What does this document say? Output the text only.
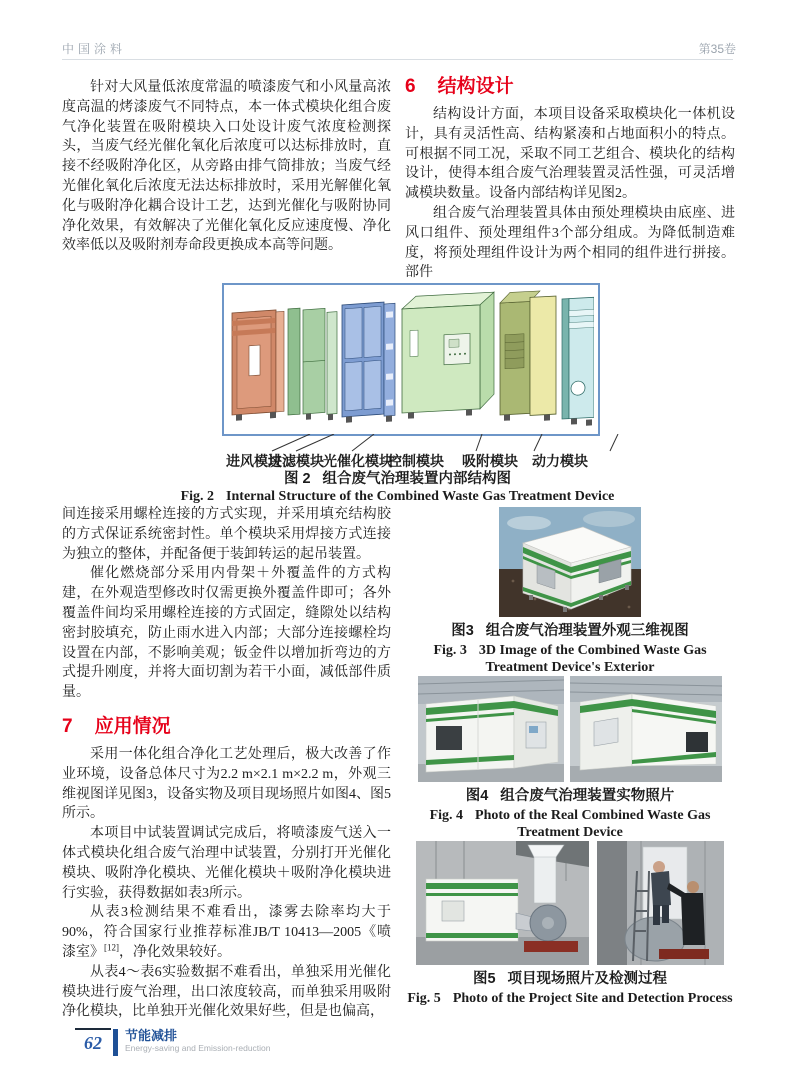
中国涂料	第35卷

针对大风量低浓度常温的喷漆废气和小风量高浓度高温的烤漆废气不同特点，本一体式模块化组合废气净化装置在吸附模块入口处设计废气浓度检测探头，当废气经光催化氧化后浓度可以达标排放时，直接不经吸附净化区，从旁路由排气筒排放；当废气经光催化氧化后浓度无法达标排放时，采用光解催化氧化与吸附净化耦合设计工艺，达到光催化与吸附协同净化效果，有效解决了光催化氧化反应速度慢、净化效率低以及吸附剂寿命段更换成本高等问题。

进风模块
过滤模块 光催化模块
控制模块 吸附模块 动力模块
图 2 组合废气治理装置内部结构图
Fig. 2 Internal Structure of the Combined Waste Gas Treatment Device

间连接采用螺栓连接的方式实现，并采用填充结构胶的方式保证系统密封性。单个模块采用焊接方式连接为独立的整体，并配备便于装卸转运的起吊装置。

催化燃烧部分采用内骨架＋外覆盖件的方式构建，在外观造型修改时仅需更换外覆盖件即可；各外覆盖件间均采用螺栓连接的方式固定，缝隙处以结构密封胶填充，防止雨水进入内部；大部分连接螺栓均设置在内部，不影响美观；钣金件以增加折弯边的方式提升刚度，并将大面切割为若干小面，减低部件质量。

7 应用情况

采用一体化组合净化工艺处理后，极大改善了作业环境，设备总体尺寸为2.2 m×2.1 m×2.2 m，外观三维视图详见图3，设备实物及项目现场照片如图4、图5所示。

本项目中试装置调试完成后，将喷漆废气送入一体式模块化组合废气治理中试装置，分别打开光催化模块、吸附净化模块、光催化模块＋吸附净化模块进行实验，获得数据如表3所示。

从表3检测结果不难看出，漆雾去除率均大于90%，符合国家行业推荐标准JB/T 10413—2005《喷漆室》[12]，净化效果较好。

从表4～表6实验数据不难看出，单独采用光催化模块进行废气治理，出口浓度较高，而单独采用吸附净化模块，比单独开光催化效果好些，但是也偏高，

6 结构设计

结构设计方面，本项目设备采取模块化一体机设计，具有灵活性高、结构紧凑和占地面积小的特点。可根据不同工况，采取不同工艺组合、模块化的结构设计，使得本组合废气治理装置灵活性强，可灵活增减模块数量。设备内部结构详见图2。

组合废气治理装置具体由预处理模块由底座、进风口组件、预处理组件3个部分组成。为降低制造难度，将预处理组件设计为两个相同的组件进行拼接。部件

图3 组合废气治理装置外观三维视图
Fig. 3 3D Image of the Combined Waste Gas Treatment Device's Exterior
图4 组合废气治理装置实物照片
Fig. 4 Photo of the Real Combined Waste Gas Treatment Device
图5 项目现场照片及检测过程
Fig. 5 Photo of the Project Site and Detection Process
62	节能减排
Energy-saving and Emission-reduction
